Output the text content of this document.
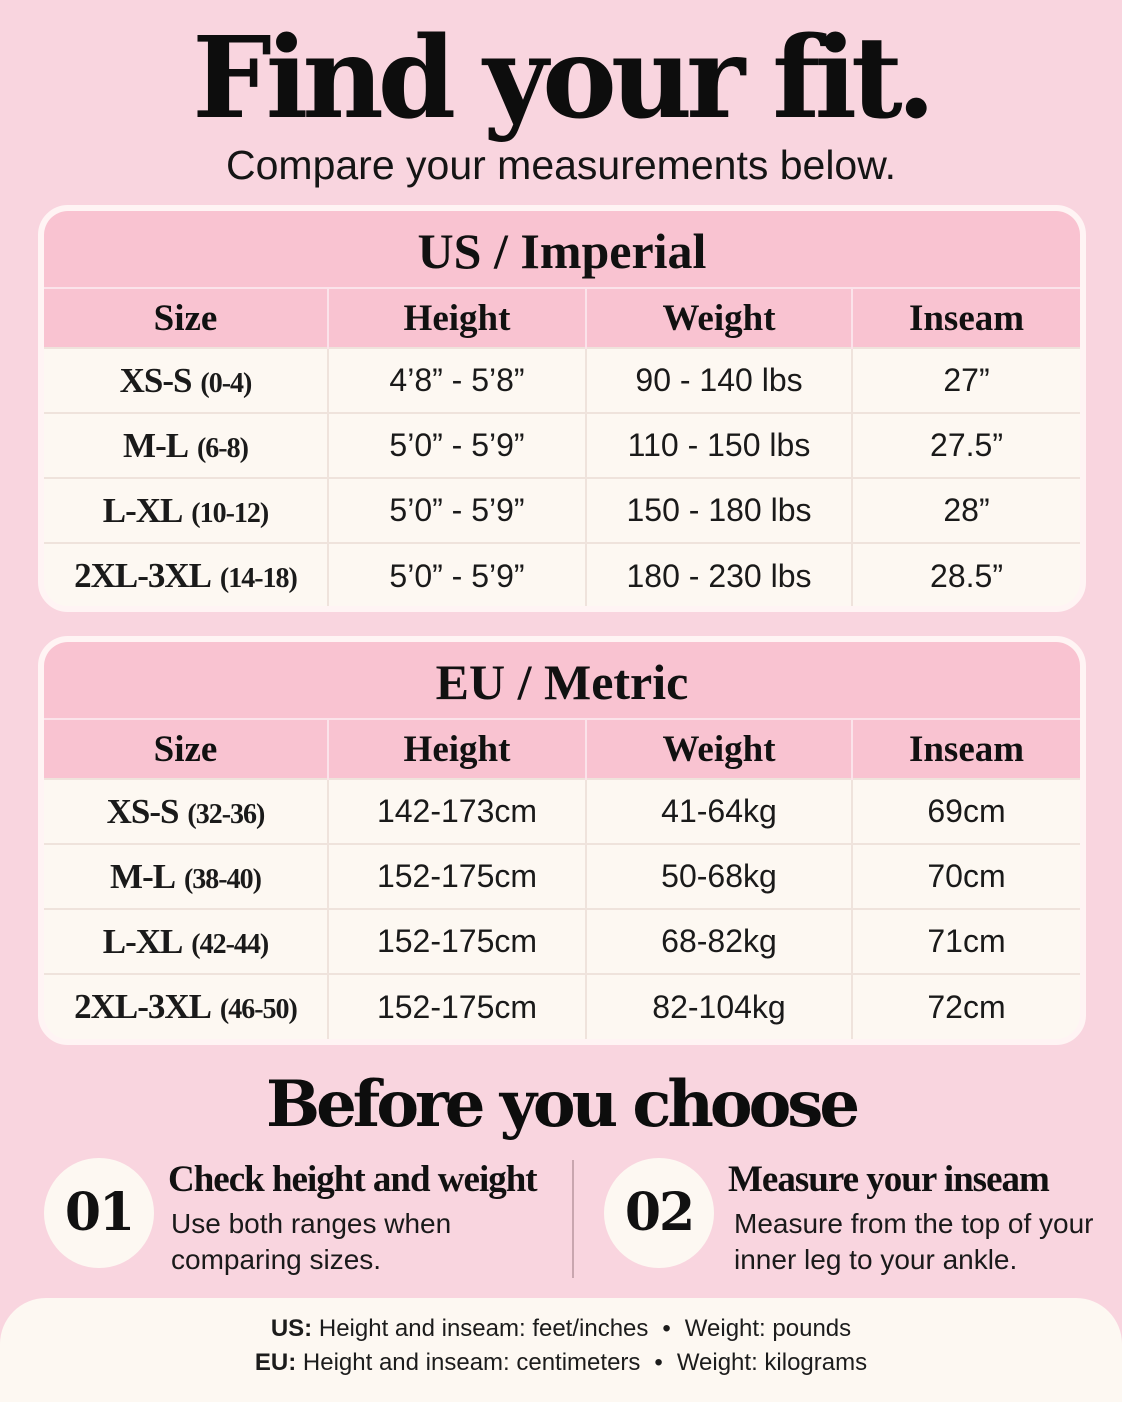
Find your fit.
Compare your measurements below.
US / Imperial
Size	Height	Weight	Inseam
XS-S (0-4)	4’8” - 5’8”	90 - 140 lbs	27”
M-L (6-8)	5’0” - 5’9”	110 - 150 lbs	27.5”
L-XL (10-12)	5’0” - 5’9”	150 - 180 lbs	28”
2XL-3XL (14-18)	5’0” - 5’9”	180 - 230 lbs	28.5”
EU / Metric
Size	Height	Weight	Inseam
XS-S (32-36)	142-173cm	41-64kg	69cm
M-L (38-40)	152-175cm	50-68kg	70cm
L-XL (42-44)	152-175cm	68-82kg	71cm
2XL-3XL (46-50)	152-175cm	82-104kg	72cm
Before you choose
01
Check height and weight
Use both ranges when comparing sizes.
02
Measure your inseam
Measure from the top of your inner leg to your ankle.
US: Height and inseam: feet/inches • Weight: pounds
EU: Height and inseam: centimeters • Weight: kilograms
